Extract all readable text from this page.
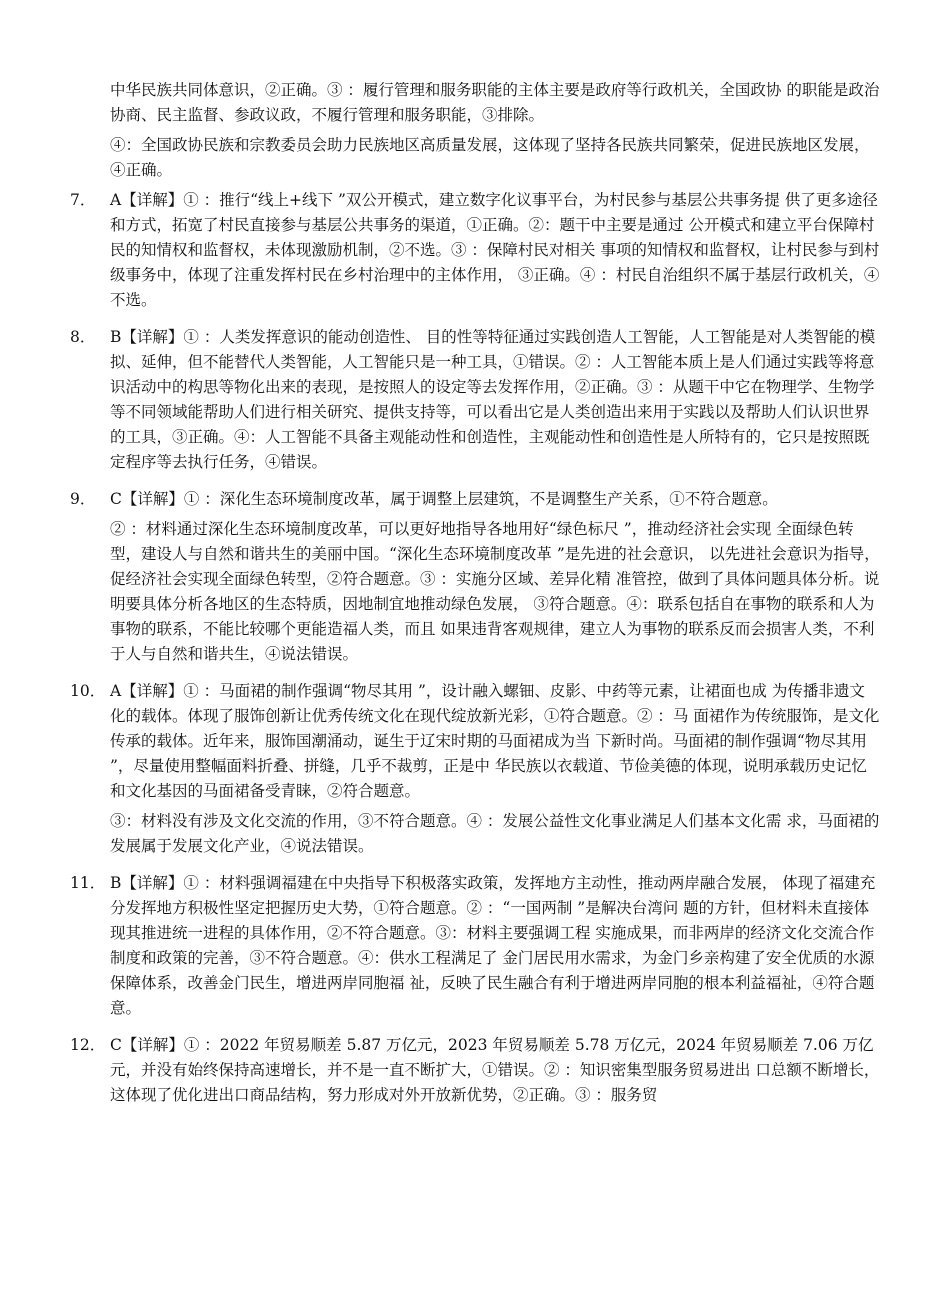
中华民族共同体意识，②正确。③ ：履行管理和服务职能的主体主要是政府等行政机关，全国政协 的职能是政治协商、民主监督、参政议政，不履行管理和服务职能，③排除。

④：全国政协民族和宗教委员会助力民族地区高质量发展，这体现了坚持各民族共同繁荣，促进民族地区发展，④正确。

7． A【详解】① ：推行“线上+线下 ”双公开模式，建立数字化议事平台，为村民参与基层公共事务提 供了更多途径和方式，拓宽了村民直接参与基层公共事务的渠道，①正确。②：题干中主要是通过 公开模式和建立平台保障村民的知情权和监督权，未体现激励机制，②不选。③ ：保障村民对相关 事项的知情权和监督权，让村民参与到村级事务中，体现了注重发挥村民在乡村治理中的主体作用， ③正确。④ ：村民自治组织不属于基层行政机关，④不选。

8． B【详解】① ：人类发挥意识的能动创造性、 目的性等特征通过实践创造人工智能，人工智能是对人类智能的模拟、延伸，但不能替代人类智能，人工智能只是一种工具，①错误。② ：人工智能本质上是人们通过实践等将意识活动中的构思等物化出来的表现，是按照人的设定等去发挥作用，②正确。③ ：从题干中它在物理学、生物学等不同领域能帮助人们进行相关研究、提供支持等，可以看出它是人类创造出来用于实践以及帮助人们认识世界的工具，③正确。④：人工智能不具备主观能动性和创造性，主观能动性和创造性是人所特有的，它只是按照既定程序等去执行任务，④错误。

9． C【详解】① ：深化生态环境制度改革，属于调整上层建筑，不是调整生产关系，①不符合题意。

② ：材料通过深化生态环境制度改革，可以更好地指导各地用好“绿色标尺 ”，推动经济社会实现 全面绿色转型，建设人与自然和谐共生的美丽中国。“深化生态环境制度改革 ”是先进的社会意识， 以先进社会意识为指导，促经济社会实现全面绿色转型，②符合题意。③ ：实施分区域、差异化精 准管控，做到了具体问题具体分析。说明要具体分析各地区的生态特质，因地制宜地推动绿色发展， ③符合题意。④：联系包括自在事物的联系和人为事物的联系，不能比较哪个更能造福人类，而且 如果违背客观规律，建立人为事物的联系反而会损害人类，不利于人与自然和谐共生，④说法错误。

10． A【详解】① ：马面裙的制作强调“物尽其用 ”，设计融入螺钿、皮影、中药等元素，让裙面也成 为传播非遗文化的载体。体现了服饰创新让优秀传统文化在现代绽放新光彩，①符合题意。② ：马 面裙作为传统服饰，是文化传承的载体。近年来，服饰国潮涌动，诞生于辽宋时期的马面裙成为当 下新时尚。马面裙的制作强调“物尽其用 ”，尽量使用整幅面料折叠、拼缝，几乎不裁剪，正是中 华民族以衣载道、节俭美德的体现，说明承载历史记忆和文化基因的马面裙备受青睐，②符合题意。

③：材料没有涉及文化交流的作用，③不符合题意。④ ：发展公益性文化事业满足人们基本文化需 求，马面裙的发展属于发展文化产业，④说法错误。

11． B【详解】① ：材料强调福建在中央指导下积极落实政策，发挥地方主动性，推动两岸融合发展， 体现了福建充分发挥地方积极性坚定把握历史大势，①符合题意。② ：“一国两制 ”是解决台湾问 题的方针，但材料未直接体现其推进统一进程的具体作用，②不符合题意。③：材料主要强调工程 实施成果，而非两岸的经济文化交流合作制度和政策的完善，③不符合题意。④：供水工程满足了 金门居民用水需求，为金门乡亲构建了安全优质的水源保障体系，改善金门民生，增进两岸同胞福 祉，反映了民生融合有利于增进两岸同胞的根本利益福祉，④符合题意。

12． C【详解】① ：2022 年贸易顺差 5.87 万亿元，2023 年贸易顺差 5.78 万亿元，2024 年贸易顺差 7.06 万亿元，并没有始终保持高速增长，并不是一直不断扩大，①错误。② ：知识密集型服务贸易进出 口总额不断增长，这体现了优化进出口商品结构，努力形成对外开放新优势，②正确。③ ：服务贸
